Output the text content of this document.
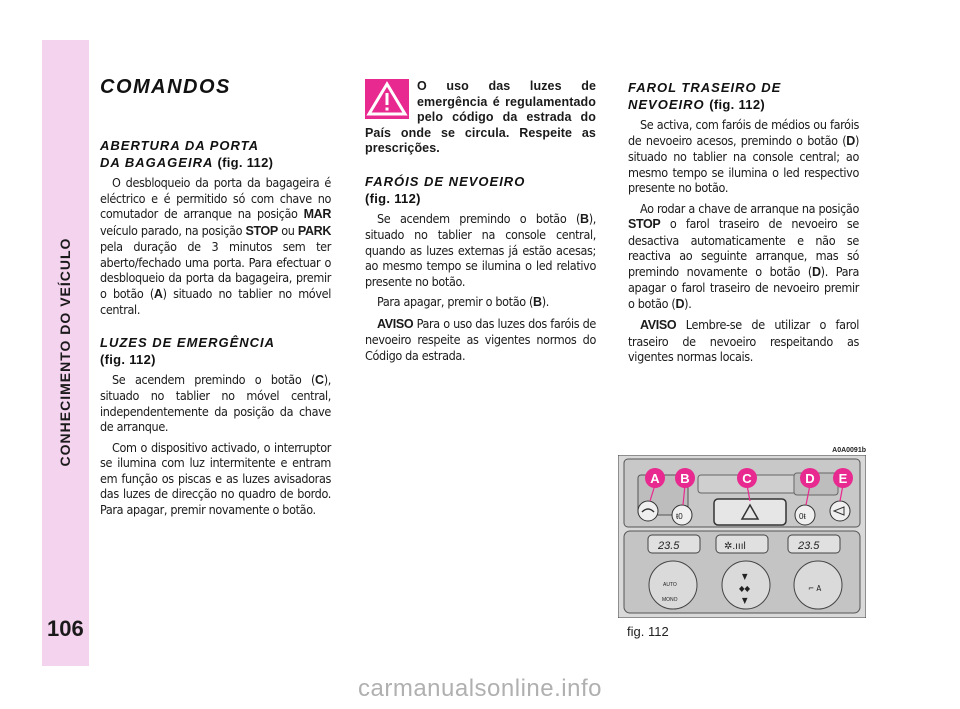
CONHECIMENTO DO VEÍCULO
106
COMANDOS
ABERTURA DA PORTA
DA BAGAGEIRA (fig. 112)

O desbloqueio da porta da bagageira é eléctrico e é permitido só com chave no comutador de arranque na posição MAR veículo parado, na posição STOP ou PARK pela duração de 3 minutos sem ter aberto/fechado uma porta. Para efectuar o desbloqueio da porta da bagageira, premir o botão (A) situado no tablier no móvel central.

LUZES DE EMERGÊNCIA
(fig. 112)

Se acendem premindo o botão (C), situado no tablier no móvel central, independentemente da posição da chave de arranque.

Com o dispositivo activado, o interruptor se ilumina com luz intermitente e entram em função os piscas e as luzes avisadoras das luzes de direcção no quadro de bordo. Para apagar, premir novamente o botão.

O uso das luzes de emergência é regulamentado pelo código da estrada do País onde se circula. Respeite as prescrições.
FARÓIS DE NEVOEIRO
(fig. 112)

Se acendem premindo o botão (B), situado no tablier na console central, quando as luzes externas já estão acesas; ao mesmo tempo se ilumina o led relativo presente no botão.

Para apagar, premir o botão (B).

AVISO Para o uso das luzes dos faróis de nevoeiro respeite as vigentes normos do Código da estrada.

FAROL TRASEIRO DE
NEVOEIRO (fig. 112)

Se activa, com faróis de médios ou faróis de nevoeiro acesos, premindo o botão (D) situado no tablier na console central; ao mesmo tempo se ilumina o led respectivo presente no botão.

Ao rodar a chave de arranque na posição STOP o farol traseiro de nevoeiro se desactiva automaticamente e não se reactiva ao seguinte arranque, mas só premindo novamente o botão (D). Para apagar o farol traseiro de nevoeiro premir o botão (D).

AVISO Lembre-se de utilizar o farol traseiro de nevoeiro respeitando as vigentes normas locais.

A0A0091b
ŧ0	0ŧ
A B	C	D E
23.5	✲.ıııl	23.5
AUTO
MONO
▼
◆◆
▼
⌐ A
fig. 112
carmanualsonline.info
